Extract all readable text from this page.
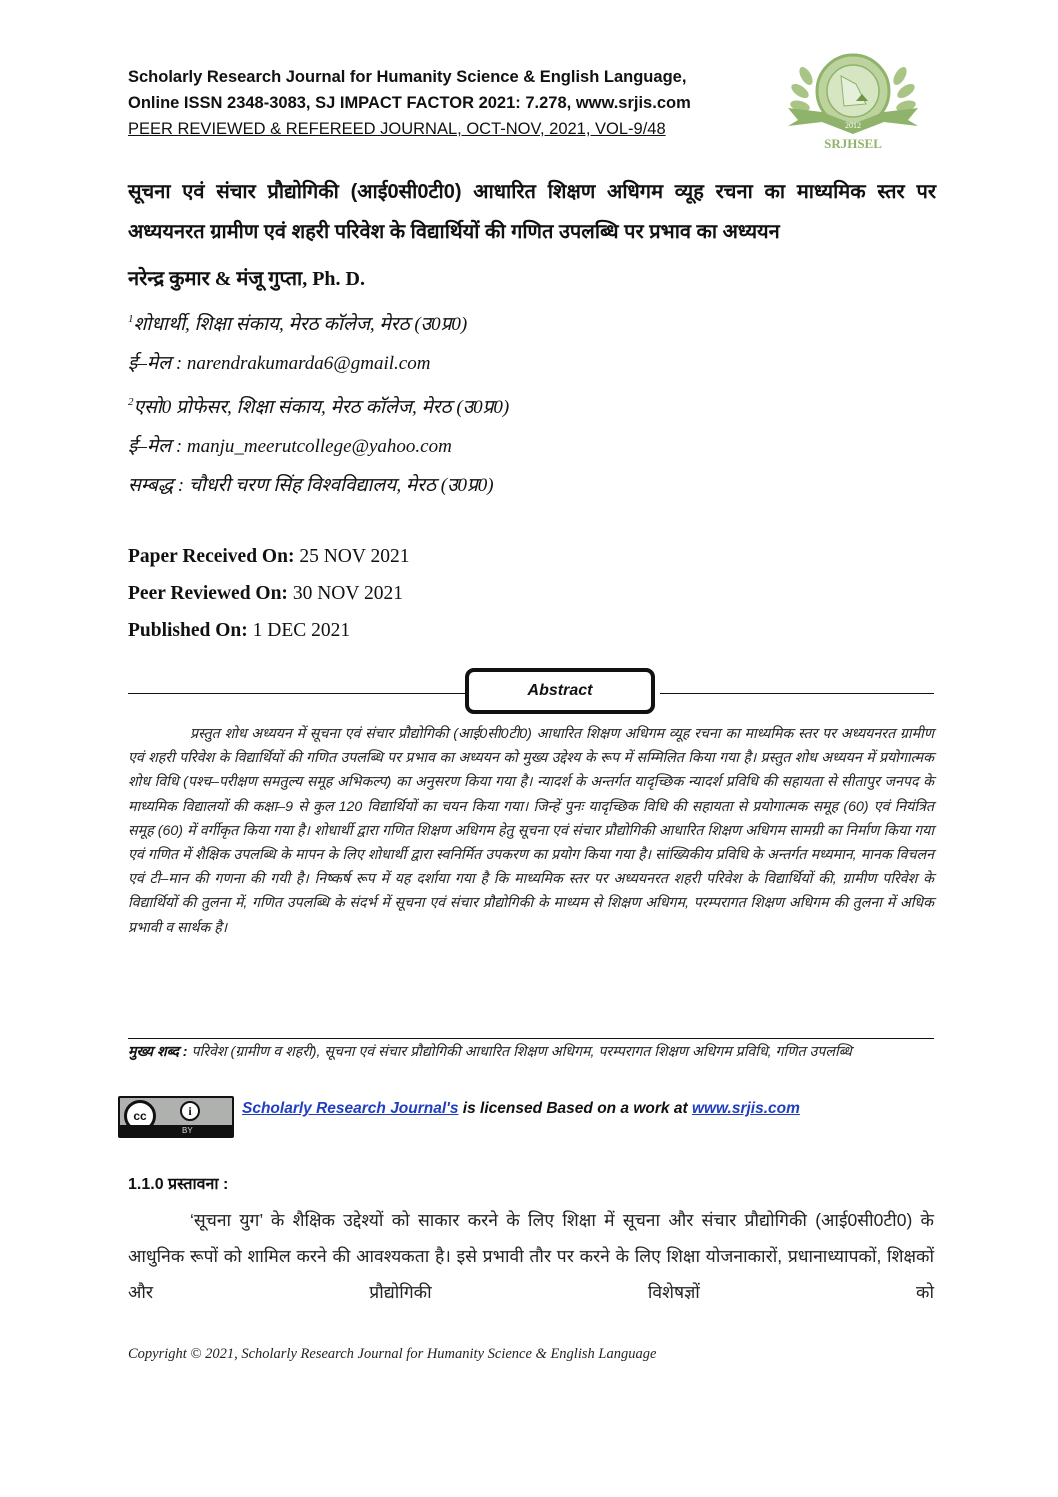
Scholarly Research Journal for Humanity Science & English Language,
Online ISSN 2348-3083, SJ IMPACT FACTOR 2021: 7.278, www.srjis.com
PEER REVIEWED & REFEREED JOURNAL, OCT-NOV, 2021, VOL-9/48	2012
SRJHSEL
सूचना एवं संचार प्रौद्योगिकी (आई0सी0टी0) आधारित शिक्षण अधिगम व्यूह रचना का माध्यमिक स्तर पर अध्ययनरत ग्रामीण एवं शहरी परिवेश के विद्यार्थियों की गणित उपलब्धि पर प्रभाव का अध्ययन
नरेन्द्र कुमार & मंजू गुप्ता, Ph. D.
$^1$शोधार्थी, शिक्षा संकाय, मेरठ कॉलेज, मेरठ (उ0प्र0)
ई–मेल : narendrakumarda6@gmail.com
$^2$एसो0 प्रोफेसर, शिक्षा संकाय, मेरठ कॉलेज, मेरठ (उ0प्र0)
ई–मेल : manju_meerutcollege@yahoo.com
सम्बद्ध : चौधरी चरण सिंह विश्वविद्यालय, मेरठ (उ0प्र0)
Paper Received On: 25 NOV 2021
Peer Reviewed On: 30 NOV 2021
Published On: 1 DEC 2021
Abstract
प्रस्तुत शोध अध्ययन में सूचना एवं संचार प्रौद्योगिकी (आई0सी0टी0) आधारित शिक्षण अधिगम व्यूह रचना का माध्यमिक स्तर पर अध्ययनरत ग्रामीण एवं शहरी परिवेश के विद्यार्थियों की गणित उपलब्धि पर प्रभाव का अध्ययन को मुख्य उद्देश्य के रूप में सम्मिलित किया गया है। प्रस्तुत शोध अध्ययन में प्रयोगात्मक शोध विधि (पश्च–परीक्षण समतुल्य समूह अभिकल्प) का अनुसरण किया गया है। न्यादर्श के अन्तर्गत यादृच्छिक न्यादर्श प्रविधि की सहायता से सीतापुर जनपद के माध्यमिक विद्यालयों की कक्षा–9 से कुल 120 विद्यार्थियों का चयन किया गया। जिन्हें पुनः यादृच्छिक विधि की सहायता से प्रयोगात्मक समूह (60) एवं नियंत्रित समूह (60) में वर्गीकृत किया गया है। शोधार्थी द्वारा गणित शिक्षण अधिगम हेतु सूचना एवं संचार प्रौद्योगिकी आधारित शिक्षण अधिगम सामग्री का निर्माण किया गया एवं गणित में शैक्षिक उपलब्धि के मापन के लिए शोधार्थी द्वारा स्वनिर्मित उपकरण का प्रयोग किया गया है। सांख्यिकीय प्रविधि के अन्तर्गत मध्यमान, मानक विचलन एवं टी–मान की गणना की गयी है। निष्कर्ष रूप में यह दर्शाया गया है कि माध्यमिक स्तर पर अध्ययनरत शहरी परिवेश के विद्यार्थियों की, ग्रामीण परिवेश के विद्यार्थियों की तुलना में, गणित उपलब्धि के संदर्भ में सूचना एवं संचार प्रौद्योगिकी के माध्यम से शिक्षण अधिगम, परम्परागत शिक्षण अधिगम की तुलना में अधिक प्रभावी व सार्थक है।
मुख्य शब्द : परिवेश (ग्रामीण व शहरी), सूचना एवं संचार प्रौद्योगिकी आधारित शिक्षण अधिगम, परम्परागत शिक्षण अधिगम प्रविधि, गणित उपलब्धि
cc	i
BY
Scholarly Research Journal's is licensed Based on a work at www.srjis.com
1.1.0 प्रस्तावना :
‘सूचना युग’ के शैक्षिक उद्देश्यों को साकार करने के लिए शिक्षा में सूचना और संचार प्रौद्योगिकी (आई0सी0टी0) के आधुनिक रूपों को शामिल करने की आवश्यकता है। इसे प्रभावी तौर पर करने के लिए शिक्षा योजनाकारों, प्रधानाध्यापकों, शिक्षकों और प्रौद्योगिकी विशेषज्ञों को
Copyright © 2021, Scholarly Research Journal for Humanity Science & English Language
